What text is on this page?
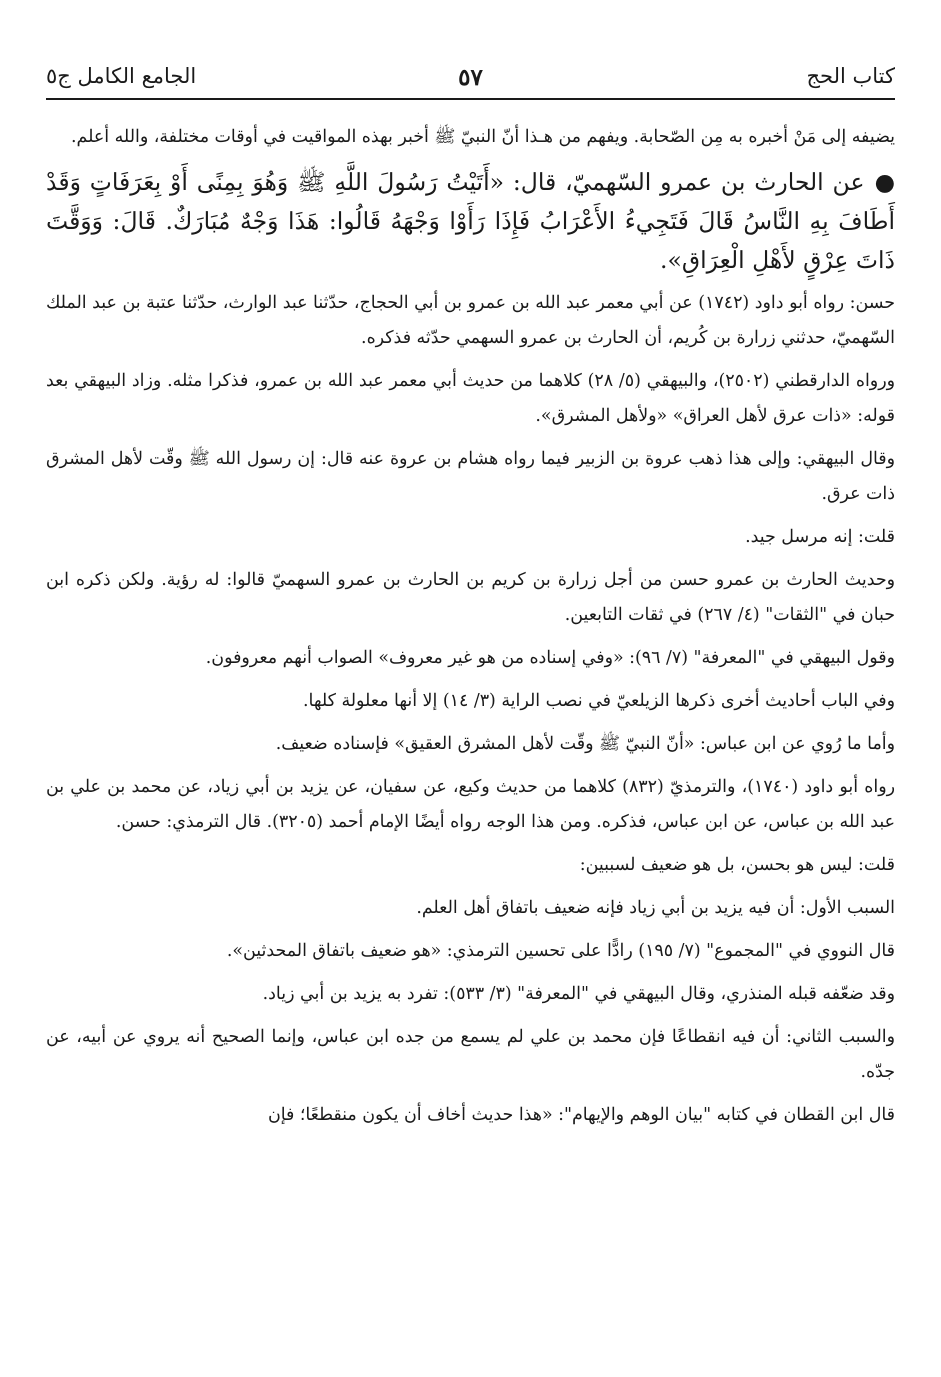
كتاب الحج
٥٧
الجامع الكامل ج٥

يضيفه إلى مَنْ أخبره به مِن الصّحابة. ويفهم من هـذا أنّ النبيّ ﷺ أخبر بهذه المواقيت في أوقات مختلفة، والله أعلم.

●عن الحارث بن عمرو السّهميّ، قال: «أَتَيْتُ رَسُولَ اللَّهِ ﷺ وَهُوَ بِمِنًى أَوْ بِعَرَفَاتٍ وَقَدْ أَطَافَ بِهِ النَّاسُ قَالَ فَتَجِيءُ الأَعْرَابُ فَإِذَا رَأَوْا وَجْهَهُ قَالُوا: هَذَا وَجْهٌ مُبَارَكٌ. قَالَ: وَوَقَّتَ ذَاتَ عِرْقٍ لأَهْلِ الْعِرَاقِ».

حسن: رواه أبو داود (١٧٤٢) عن أبي معمر عبد الله بن عمرو بن أبي الحجاج، حدّثنا عبد الوارث، حدّثنا عتبة بن عبد الملك السّهميّ، حدثني زرارة بن كُريم، أن الحارث بن عمرو السهمي حدّثه فذكره.

ورواه الدارقطني (٢٥٠٢)، والبيهقي (٥/ ٢٨) كلاهما من حديث أبي معمر عبد الله بن عمرو، فذكرا مثله. وزاد البيهقي بعد قوله: «ذات عرق لأهل العراق» «ولأهل المشرق».

وقال البيهقي: وإلى هذا ذهب عروة بن الزبير فيما رواه هشام بن عروة عنه قال: إن رسول الله ﷺ وقّت لأهل المشرق ذات عرق.

قلت: إنه مرسل جيد.

وحديث الحارث بن عمرو حسن من أجل زرارة بن كريم بن الحارث بن عمرو السهميّ قالوا: له رؤية. ولكن ذكره ابن حبان في "الثقات" (٤/ ٢٦٧) في ثقات التابعين.

وقول البيهقي في "المعرفة" (٧/ ٩٦): «وفي إسناده من هو غير معروف» الصواب أنهم معروفون.

وفي الباب أحاديث أخرى ذكرها الزيلعيّ في نصب الراية (٣/ ١٤) إلا أنها معلولة كلها.

وأما ما رُوي عن ابن عباس: «أنّ النبيّ ﷺ وقّت لأهل المشرق العقيق» فإسناده ضعيف.

رواه أبو داود (١٧٤٠)، والترمذيّ (٨٣٢) كلاهما من حديث وكيع، عن سفيان، عن يزيد بن أبي زياد، عن محمد بن علي بن عبد الله بن عباس، عن ابن عباس، فذكره. ومن هذا الوجه رواه أيضًا الإمام أحمد (٣٢٠٥). قال الترمذي: حسن.

قلت: ليس هو بحسن، بل هو ضعيف لسببين:

السبب الأول: أن فيه يزيد بن أبي زياد فإنه ضعيف باتفاق أهل العلم.

قال النووي في "المجموع" (٧/ ١٩٥) رادًّا على تحسين الترمذي: «هو ضعيف باتفاق المحدثين».

وقد ضعّفه قبله المنذري، وقال البيهقي في "المعرفة" (٣/ ٥٣٣): تفرد به يزيد بن أبي زياد.

والسبب الثاني: أن فيه انقطاعًا فإن محمد بن علي لم يسمع من جده ابن عباس، وإنما الصحيح أنه يروي عن أبيه، عن جدّه.

قال ابن القطان في كتابه "بيان الوهم والإيهام": «هذا حديث أخاف أن يكون منقطعًا؛ فإن
